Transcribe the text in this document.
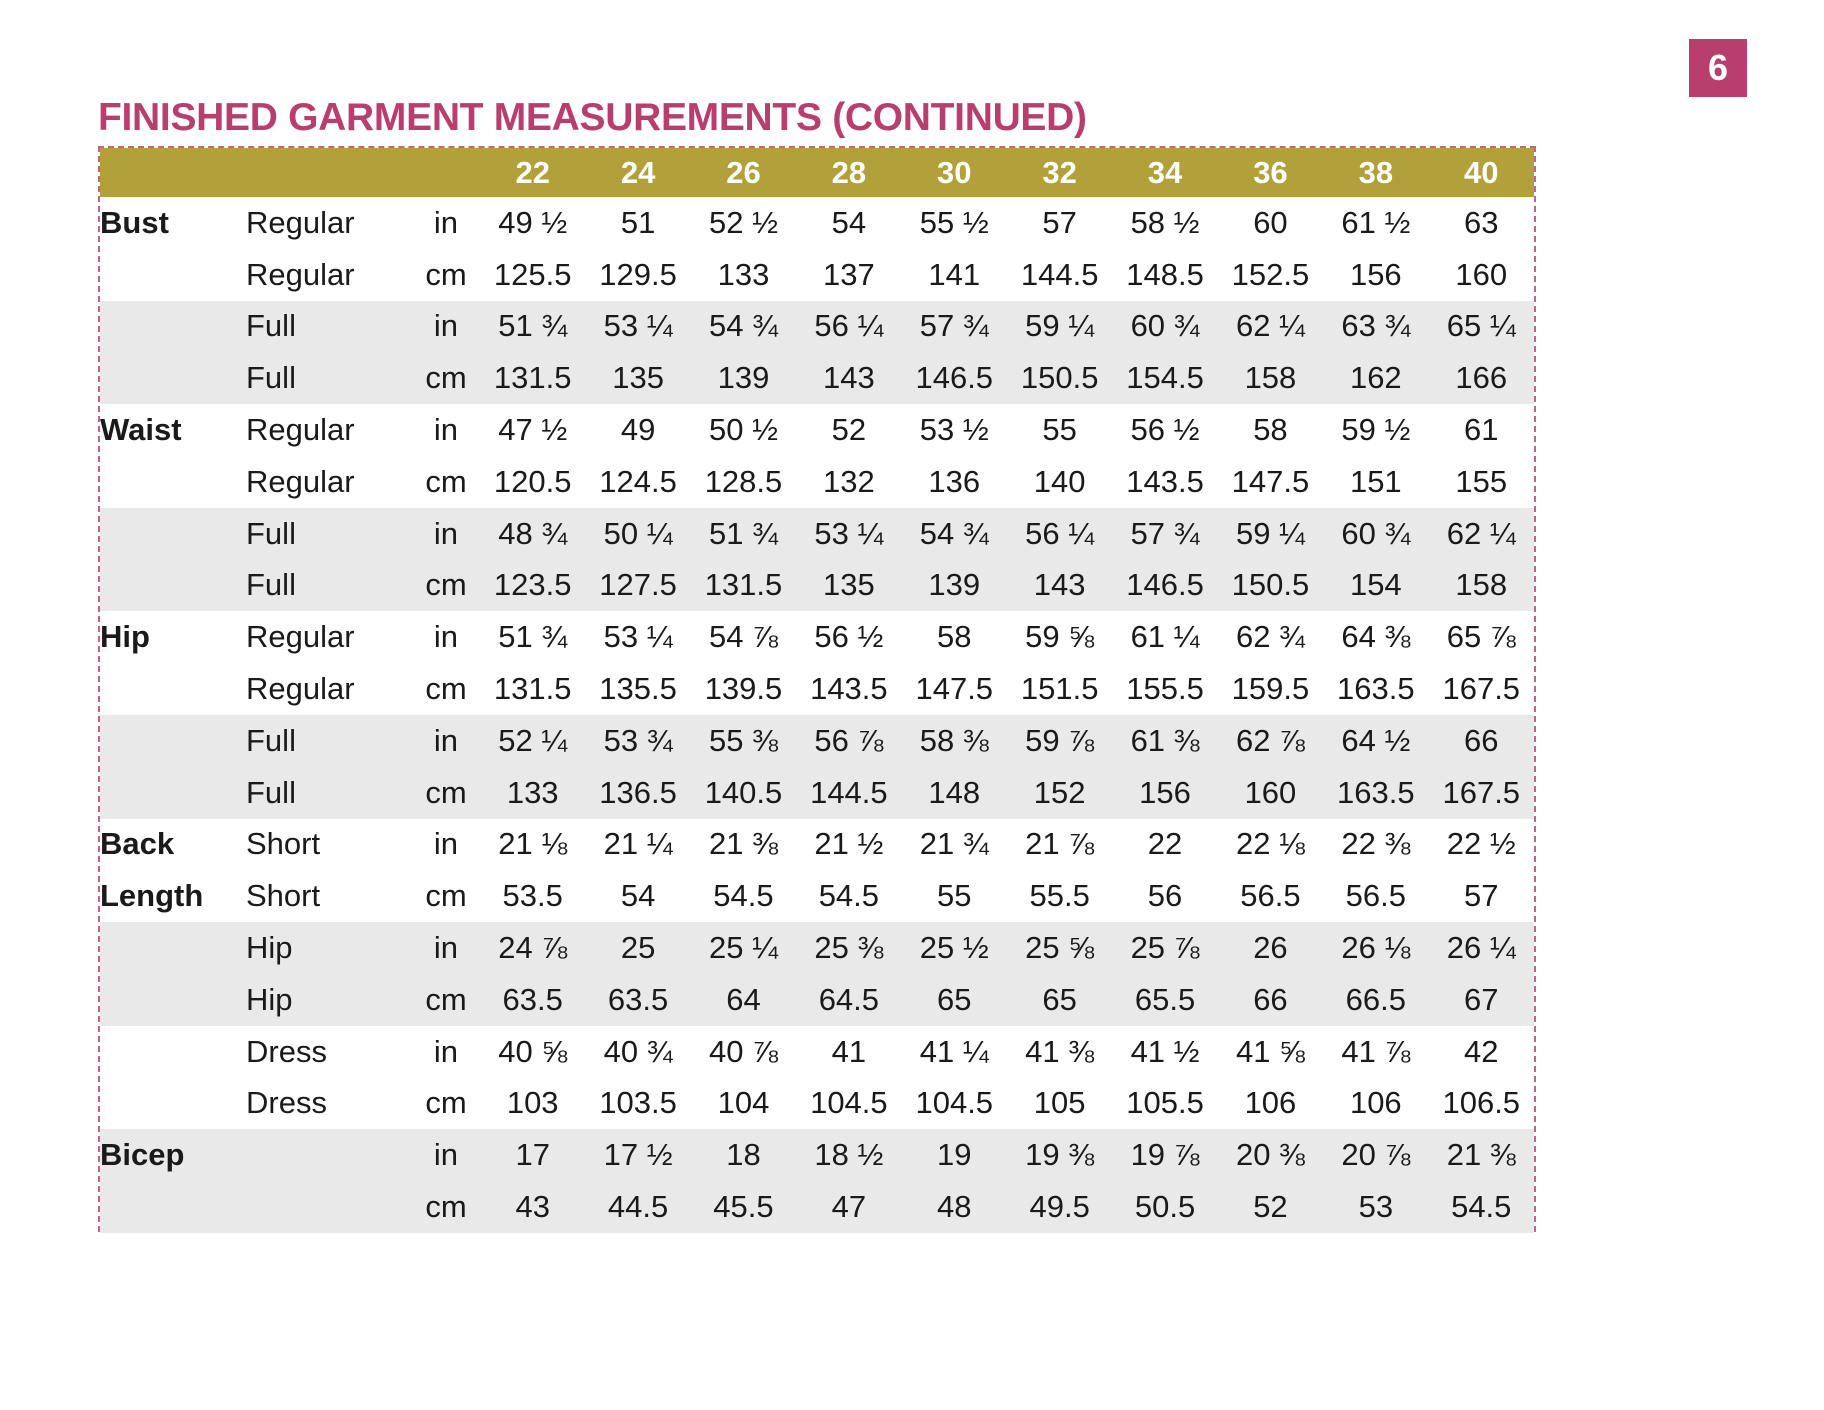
6
FINISHED GARMENT MEASUREMENTS (CONTINUED)
			22	24	26	28	30	32	34	36	38	40
Bust	Regular	in	49 ½	51	52 ½	54	55 ½	57	58 ½	60	61 ½	63
	Regular	cm	125.5	129.5	133	137	141	144.5	148.5	152.5	156	160
	Full	in	51 ¾	53 ¼	54 ¾	56 ¼	57 ¾	59 ¼	60 ¾	62 ¼	63 ¾	65 ¼
	Full	cm	131.5	135	139	143	146.5	150.5	154.5	158	162	166
Waist	Regular	in	47 ½	49	50 ½	52	53 ½	55	56 ½	58	59 ½	61
	Regular	cm	120.5	124.5	128.5	132	136	140	143.5	147.5	151	155
	Full	in	48 ¾	50 ¼	51 ¾	53 ¼	54 ¾	56 ¼	57 ¾	59 ¼	60 ¾	62 ¼
	Full	cm	123.5	127.5	131.5	135	139	143	146.5	150.5	154	158
Hip	Regular	in	51 ¾	53 ¼	54 ⅞	56 ½	58	59 ⅝	61 ¼	62 ¾	64 ⅜	65 ⅞
	Regular	cm	131.5	135.5	139.5	143.5	147.5	151.5	155.5	159.5	163.5	167.5
	Full	in	52 ¼	53 ¾	55 ⅜	56 ⅞	58 ⅜	59 ⅞	61 ⅜	62 ⅞	64 ½	66
	Full	cm	133	136.5	140.5	144.5	148	152	156	160	163.5	167.5
Back	Short	in	21 ⅛	21 ¼	21 ⅜	21 ½	21 ¾	21 ⅞	22	22 ⅛	22 ⅜	22 ½
Length	Short	cm	53.5	54	54.5	54.5	55	55.5	56	56.5	56.5	57
	Hip	in	24 ⅞	25	25 ¼	25 ⅜	25 ½	25 ⅝	25 ⅞	26	26 ⅛	26 ¼
	Hip	cm	63.5	63.5	64	64.5	65	65	65.5	66	66.5	67
	Dress	in	40 ⅝	40 ¾	40 ⅞	41	41 ¼	41 ⅜	41 ½	41 ⅝	41 ⅞	42
	Dress	cm	103	103.5	104	104.5	104.5	105	105.5	106	106	106.5
Bicep		in	17	17 ½	18	18 ½	19	19 ⅜	19 ⅞	20 ⅜	20 ⅞	21 ⅜
		cm	43	44.5	45.5	47	48	49.5	50.5	52	53	54.5
